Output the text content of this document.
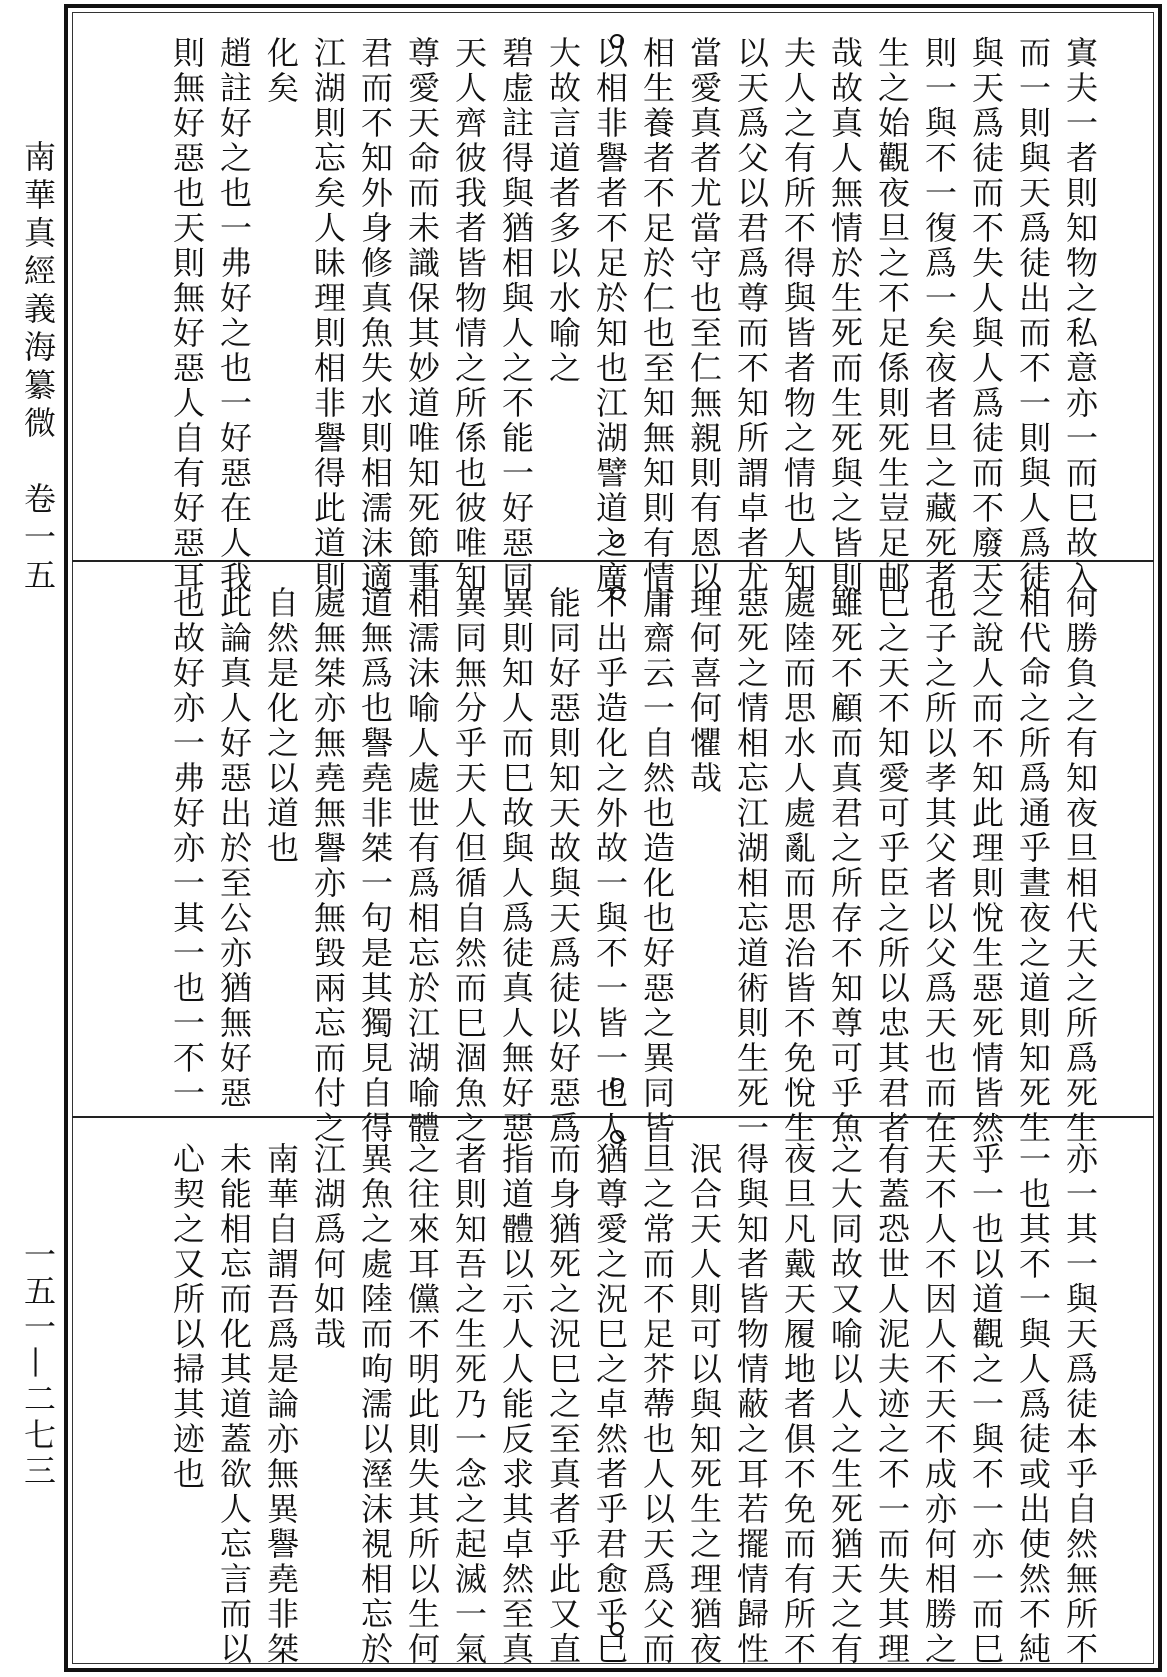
南華真經義海纂微　卷一五
一五一—二七三
寘夫一者則知物之私意亦一而巳故入
而一則與天爲徒出而不一則與人爲徒
與天爲徒而不失人與人爲徒而不廢天
則一與不一復爲一矣夜者旦之藏死者
生之始觀夜旦之不足係則死生豈足邮
哉故真人無情於生死而生死與之皆則
夫人之有所不得與皆者物之情也人知
以天爲父以君爲尊而不知所謂卓者尤
當愛真者尤當守也至仁無親則有恩以
相生養者不足於仁也至知無知則有情
以相非譽者不足於知也江湖譬道之廣
大故言道者多以水喻之
碧虚註得與猶相與人之不能一好惡同
天人齊彼我者皆物情之所係也彼唯知
尊愛天命而未識保其妙道唯知死節事
君而不知外身修真魚失水則相濡沫適
江湖則忘矣人昧理則相非譽得此道則
化矣
趙註好之也一弗好之也一好惡在人我
則無好惡也天則無好惡人自有好惡耳
何勝負之有知夜旦相代天之所爲死生
相代命之所爲通乎晝夜之道則知死生
之說人而不知此理則悅生惡死情皆然
也子之所以孝其父者以父爲天也而在
巳之天不知愛可乎臣之所以忠其君者
雖死不顧而真君之所存不知尊可乎魚
處陸而思水人處亂而思治皆不免悅生
惡死之情相忘江湖相忘道術則生死一
理何喜何懼哉
庸齋云一自然也造化也好惡之異同皆
不出乎造化之外故一與不一皆一也人
能同好惡則知天故與天爲徒以好惡爲
異則知人而巳故與人爲徒真人無好惡
異同無分乎天人但循自然而巳涸魚之
相濡沫喻人處世有爲相忘於江湖喻體
道無爲也譽堯非桀一句是其獨見自得
處無桀亦無堯無譽亦無毀兩忘而付之
自然是化之以道也
此論真人好惡出於至公亦猶無好惡
也故好亦一弗好亦一其一也一不一
亦一其一與天爲徒本乎自然無所不
一也其不一與人爲徒或出使然不純
乎一也以道觀之一與不一亦一而巳
天不人不因人不天不成亦何相勝之
有蓋恐世人泥夫迹之不一而失其理
之大同故又喻以人之生死猶天之有
夜旦凡戴天履地者俱不免而有所不
得與知者皆物情蔽之耳若擺情歸性
泯合天人則可以與知死生之理猶夜
旦之常而不足芥蔕也人以天爲父而
猶尊愛之況巳之卓然者乎君愈乎巳
而身猶死之況巳之至真者乎此又直
指道體以示人人能反求其卓然至真
者則知吾之生死乃一念之起滅一氣
之往來耳儻不明此則失其所以生何
異魚之處陸而呴濡以溼沫視相忘於
江湖爲何如哉
南華自謂吾爲是論亦無異譽堯非桀
未能相忘而化其道蓋欲人忘言而以
心契之又所以掃其迹也
